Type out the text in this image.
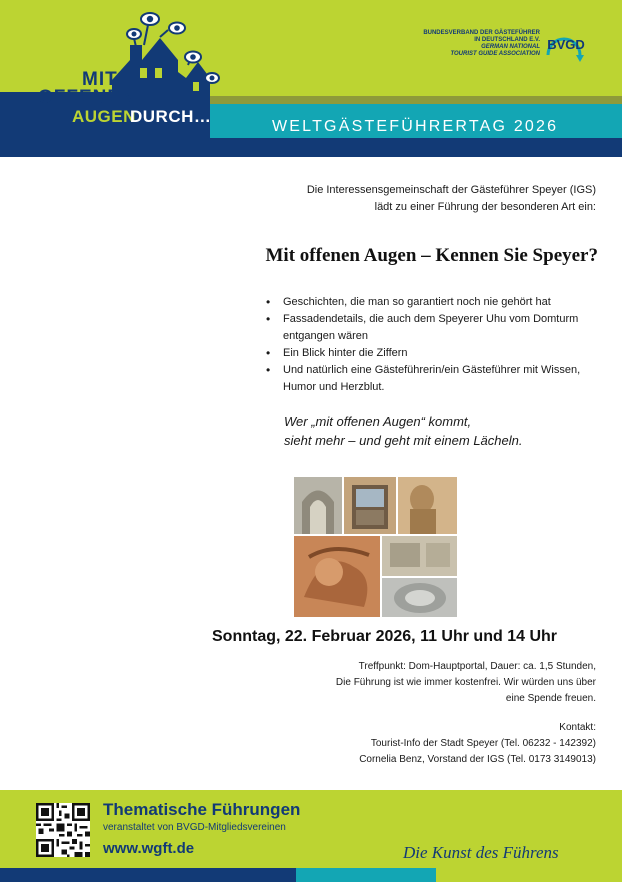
MIT
OFFENEN
AUGEN
DURCH…
WELTGÄSTEFÜHRERTAG 2026
BUNDESVERBAND DER GÄSTEFÜHRER
IN DEUTSCHLAND E.V.
GERMAN NATIONAL
TOURIST GUIDE ASSOCIATION
BVGD
Die Interessensgemeinschaft der Gästeführer Speyer (IGS)
lädt zu einer Führung der besonderen Art ein:
Mit offenen Augen – Kennen Sie Speyer?
• Geschichten, die man so garantiert noch nie gehört hat
• Fassadendetails, die auch dem Speyerer Uhu vom Domturm entgangen wären
• Ein Blick hinter die Ziffern
• Und natürlich eine Gästeführerin/ein Gästeführer mit Wissen, Humor und Herzblut.
Wer „mit offenen Augen“ kommt,
sieht mehr – und geht mit einem Lächeln.
Sonntag, 22. Februar 2026, 11 Uhr und 14 Uhr
Treffpunkt: Dom-Hauptportal, Dauer: ca. 1,5 Stunden,
Die Führung ist wie immer kostenfrei. Wir würden uns über
eine Spende freuen.
Kontakt:
Tourist-Info der Stadt Speyer (Tel. 06232 - 142392)
Cornelia Benz, Vorstand der IGS (Tel. 0173 3149013)
Thematische Führungen
veranstaltet von BVGD-Mitgliedsvereinen
www.wgft.de	Die Kunst des Führens
